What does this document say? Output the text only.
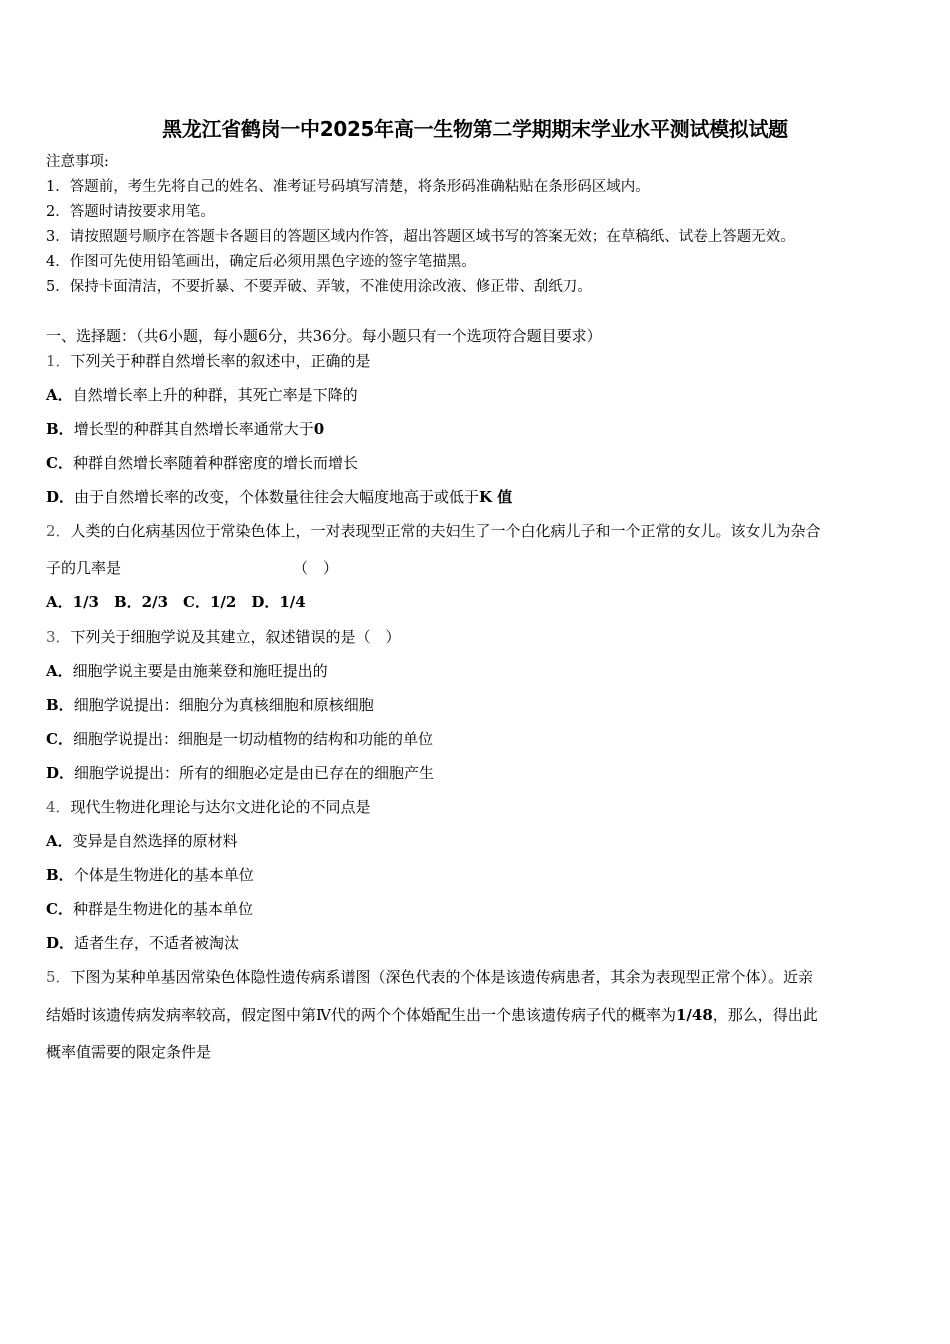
黑龙江省鹤岗一中2025年高一生物第二学期期末学业水平测试模拟试题
注意事项:
1．答题前，考生先将自己的姓名、准考证号码填写清楚，将条形码准确粘贴在条形码区域内。
2．答题时请按要求用笔。
3．请按照题号顺序在答题卡各题目的答题区域内作答，超出答题区域书写的答案无效；在草稿纸、试卷上答题无效。
4．作图可先使用铅笔画出，确定后必须用黑色字迹的签字笔描黑。
5．保持卡面清洁，不要折暴、不要弄破、弄皱，不准使用涂改液、修正带、刮纸刀。
一、选择题：（共6小题，每小题6分，共36分。每小题只有一个选项符合题目要求）
1．下列关于种群自然增长率的叙述中，正确的是
A．自然增长率上升的种群，其死亡率是下降的
B．增长型的种群其自然增长率通常大于0
C．种群自然增长率随着种群密度的增长而增长
D．由于自然增长率的改变，个体数量往往会大幅度地高于或低于K 值
2．人类的白化病基因位于常染色体上，一对表现型正常的夫妇生了一个白化病儿子和一个正常的女儿。该女儿为杂合
子的几率是	（　）
A．1/3　B．2/3　C．1/2　D．1/4
3．下列关于细胞学说及其建立，叙述错误的是（　）
A．细胞学说主要是由施莱登和施旺提出的
B．细胞学说提出：细胞分为真核细胞和原核细胞
C．细胞学说提出：细胞是一切动植物的结构和功能的单位
D．细胞学说提出：所有的细胞必定是由已存在的细胞产生
4．现代生物进化理论与达尔文进化论的不同点是
A．变异是自然选择的原材料
B．个体是生物进化的基本单位
C．种群是生物进化的基本单位
D．适者生存，不适者被淘汰
5．下图为某种单基因常染色体隐性遗传病系谱图（深色代表的个体是该遗传病患者，其余为表现型正常个体）。近亲
结婚时该遗传病发病率较高，假定图中第Ⅳ代的两个个体婚配生出一个患该遗传病子代的概率为1/48，那么，得出此
概率值需要的限定条件是
